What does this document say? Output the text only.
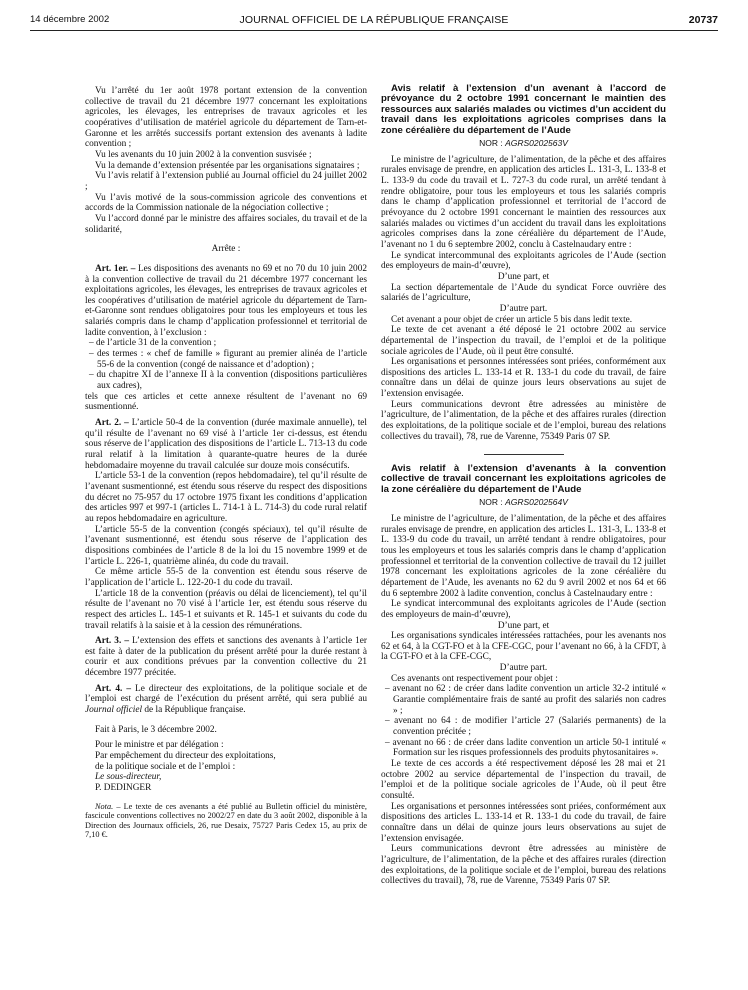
14 décembre 2002	JOURNAL OFFICIEL DE LA RÉPUBLIQUE FRANÇAISE	20737

Vu l’arrêté du 1er août 1978 portant extension de la convention collective de travail du 21 décembre 1977 concernant les exploitations agricoles, les élevages, les entreprises de travaux agricoles et les coopératives d’utilisation de matériel agricole du département de Tarn-et-Garonne et les arrêtés successifs portant extension des avenants à ladite convention ;

Vu les avenants du 10 juin 2002 à la convention susvisée ;

Vu la demande d’extension présentée par les organisations signataires ;

Vu l’avis relatif à l’extension publié au Journal officiel du 24 juillet 2002 ;

Vu l’avis motivé de la sous-commission agricole des conventions et accords de la Commission nationale de la négociation collective ;

Vu l’accord donné par le ministre des affaires sociales, du travail et de la solidarité,

Arrête :

Art. 1er. – Les dispositions des avenants no 69 et no 70 du 10 juin 2002 à la convention collective de travail du 21 décembre 1977 concernant les exploitations agricoles, les élevages, les entreprises de travaux agricoles et les coopératives d’utilisation de matériel agricole du département de Tarn-et-Garonne sont rendues obligatoires pour tous les employeurs et tous les salariés compris dans le champ d’application professionnel et territorial de ladite convention, à l’exclusion :

– de l’article 31 de la convention ;

– des termes : « chef de famille » figurant au premier alinéa de l’article 55-6 de la convention (congé de naissance et d’adoption) ;

– du chapitre XI de l’annexe II à la convention (dispositions particulières aux cadres),

tels que ces articles et cette annexe résultent de l’avenant no 69 susmentionné.

Art. 2. – L’article 50-4 de la convention (durée maximale annuelle), tel qu’il résulte de l’avenant no 69 visé à l’article 1er ci-dessus, est étendu sous réserve de l’application des dispositions de l’article L. 713-13 du code rural relatif à la limitation à quarante-quatre heures de la durée hebdomadaire moyenne du travail calculée sur douze mois consécutifs.

L’article 53-1 de la convention (repos hebdomadaire), tel qu’il résulte de l’avenant susmentionné, est étendu sous réserve du respect des dispositions du décret no 75-957 du 17 octobre 1975 fixant les conditions d’application des articles 997 et 997-1 (articles L. 714-1 à L. 714-3) du code rural relatif au repos hebdomadaire en agriculture.

L’article 55-5 de la convention (congés spéciaux), tel qu’il résulte de l’avenant susmentionné, est étendu sous réserve de l’application des dispositions combinées de l’article 8 de la loi du 15 novembre 1999 et de l’article L. 226-1, quatrième alinéa, du code du travail.

Ce même article 55-5 de la convention est étendu sous réserve de l’application de l’article L. 122-20-1 du code du travail.

L’article 18 de la convention (préavis ou délai de licenciement), tel qu’il résulte de l’avenant no 70 visé à l’article 1er, est étendu sous réserve du respect des articles L. 145-1 et suivants et R. 145-1 et suivants du code du travail relatifs à la saisie et à la cession des rémunérations.

Art. 3. – L’extension des effets et sanctions des avenants à l’article 1er est faite à dater de la publication du présent arrêté pour la durée restant à courir et aux conditions prévues par la convention collective du 21 décembre 1977 précitée.

Art. 4. – Le directeur des exploitations, de la politique sociale et de l’emploi est chargé de l’exécution du présent arrêté, qui sera publié au Journal officiel de la République française.

Fait à Paris, le 3 décembre 2002.

Pour le ministre et par délégation :

Par empêchement du directeur des exploitations,

de la politique sociale et de l’emploi :

Le sous-directeur,

P. DEDINGER

Nota. – Le texte de ces avenants a été publié au Bulletin officiel du ministère, fascicule conventions collectives no 2002/27 en date du 3 août 2002, disponible à la Direction des Journaux officiels, 26, rue Desaix, 75727 Paris Cedex 15, au prix de 7,10 €.

Avis relatif à l’extension d’un avenant à l’accord de prévoyance du 2 octobre 1991 concernant le maintien des ressources aux salariés malades ou victimes d’un accident du travail dans les exploitations agricoles comprises dans la zone céréalière du département de l’Aude

NOR : AGRS0202563V

Le ministre de l’agriculture, de l’alimentation, de la pêche et des affaires rurales envisage de prendre, en application des articles L. 131-3, L. 133-8 et L. 133-9 du code du travail et L. 727-3 du code rural, un arrêté tendant à rendre obligatoire, pour tous les employeurs et tous les salariés compris dans le champ d’application professionnel et territorial de l’accord de prévoyance du 2 octobre 1991 concernant le maintien des ressources aux salariés malades ou victimes d’un accident du travail dans les exploitations agricoles comprises dans la zone céréalière du département de l’Aude, l’avenant no 1 du 6 septembre 2002, conclu à Castelnaudary entre :

Le syndicat intercommunal des exploitants agricoles de l’Aude (section des employeurs de main-d’œuvre),

D’une part, et

La section départementale de l’Aude du syndicat Force ouvrière des salariés de l’agriculture,

D’autre part.

Cet avenant a pour objet de créer un article 5 bis dans ledit texte.

Le texte de cet avenant a été déposé le 21 octobre 2002 au service départemental de l’inspection du travail, de l’emploi et de la politique sociale agricoles de l’Aude, où il peut être consulté.

Les organisations et personnes intéressées sont priées, conformément aux dispositions des articles L. 133-14 et R. 133-1 du code du travail, de faire connaître dans un délai de quinze jours leurs observations au sujet de l’extension envisagée.

Leurs communications devront être adressées au ministère de l’agriculture, de l’alimentation, de la pêche et des affaires rurales (direction des exploitations, de la politique sociale et de l’emploi, bureau des relations collectives du travail), 78, rue de Varenne, 75349 Paris 07 SP.

Avis relatif à l’extension d’avenants à la convention collective de travail concernant les exploitations agricoles de la zone céréalière du département de l’Aude

NOR : AGRS0202564V

Le ministre de l’agriculture, de l’alimentation, de la pêche et des affaires rurales envisage de prendre, en application des articles L. 131-3, L. 133-8 et L. 133-9 du code du travail, un arrêté tendant à rendre obligatoires, pour tous les employeurs et tous les salariés compris dans le champ d’application professionnel et territorial de la convention collective de travail du 12 juillet 1978 concernant les exploitations agricoles de la zone céréalière du département de l’Aude, les avenants no 62 du 9 avril 2002 et nos 64 et 66 du 6 septembre 2002 à ladite convention, conclus à Castelnaudary entre :

Le syndicat intercommunal des exploitants agricoles de l’Aude (section des employeurs de main-d’œuvre),

D’une part, et

Les organisations syndicales intéressées rattachées, pour les avenants nos 62 et 64, à la CGT-FO et à la CFE-CGC, pour l’avenant no 66, à la CFDT, à la CGT-FO et à la CFE-CGC,

D’autre part.

Ces avenants ont respectivement pour objet :

– avenant no 62 : de créer dans ladite convention un article 32-2 intitulé « Garantie complémentaire frais de santé au profit des salariés non cadres » ;

– avenant no 64 : de modifier l’article 27 (Salariés permanents) de la convention précitée ;

– avenant no 66 : de créer dans ladite convention un article 50-1 intitulé « Formation sur les risques professionnels des produits phytosanitaires ».

Le texte de ces accords a été respectivement déposé les 28 mai et 21 octobre 2002 au service départemental de l’inspection du travail, de l’emploi et de la politique sociale agricoles de l’Aude, où il peut être consulté.

Les organisations et personnes intéressées sont priées, conformément aux dispositions des articles L. 133-14 et R. 133-1 du code du travail, de faire connaître dans un délai de quinze jours leurs observations au sujet de l’extension envisagée.

Leurs communications devront être adressées au ministère de l’agriculture, de l’alimentation, de la pêche et des affaires rurales (direction des exploitations, de la politique sociale et de l’emploi, bureau des relations collectives du travail), 78, rue de Varenne, 75349 Paris 07 SP.
